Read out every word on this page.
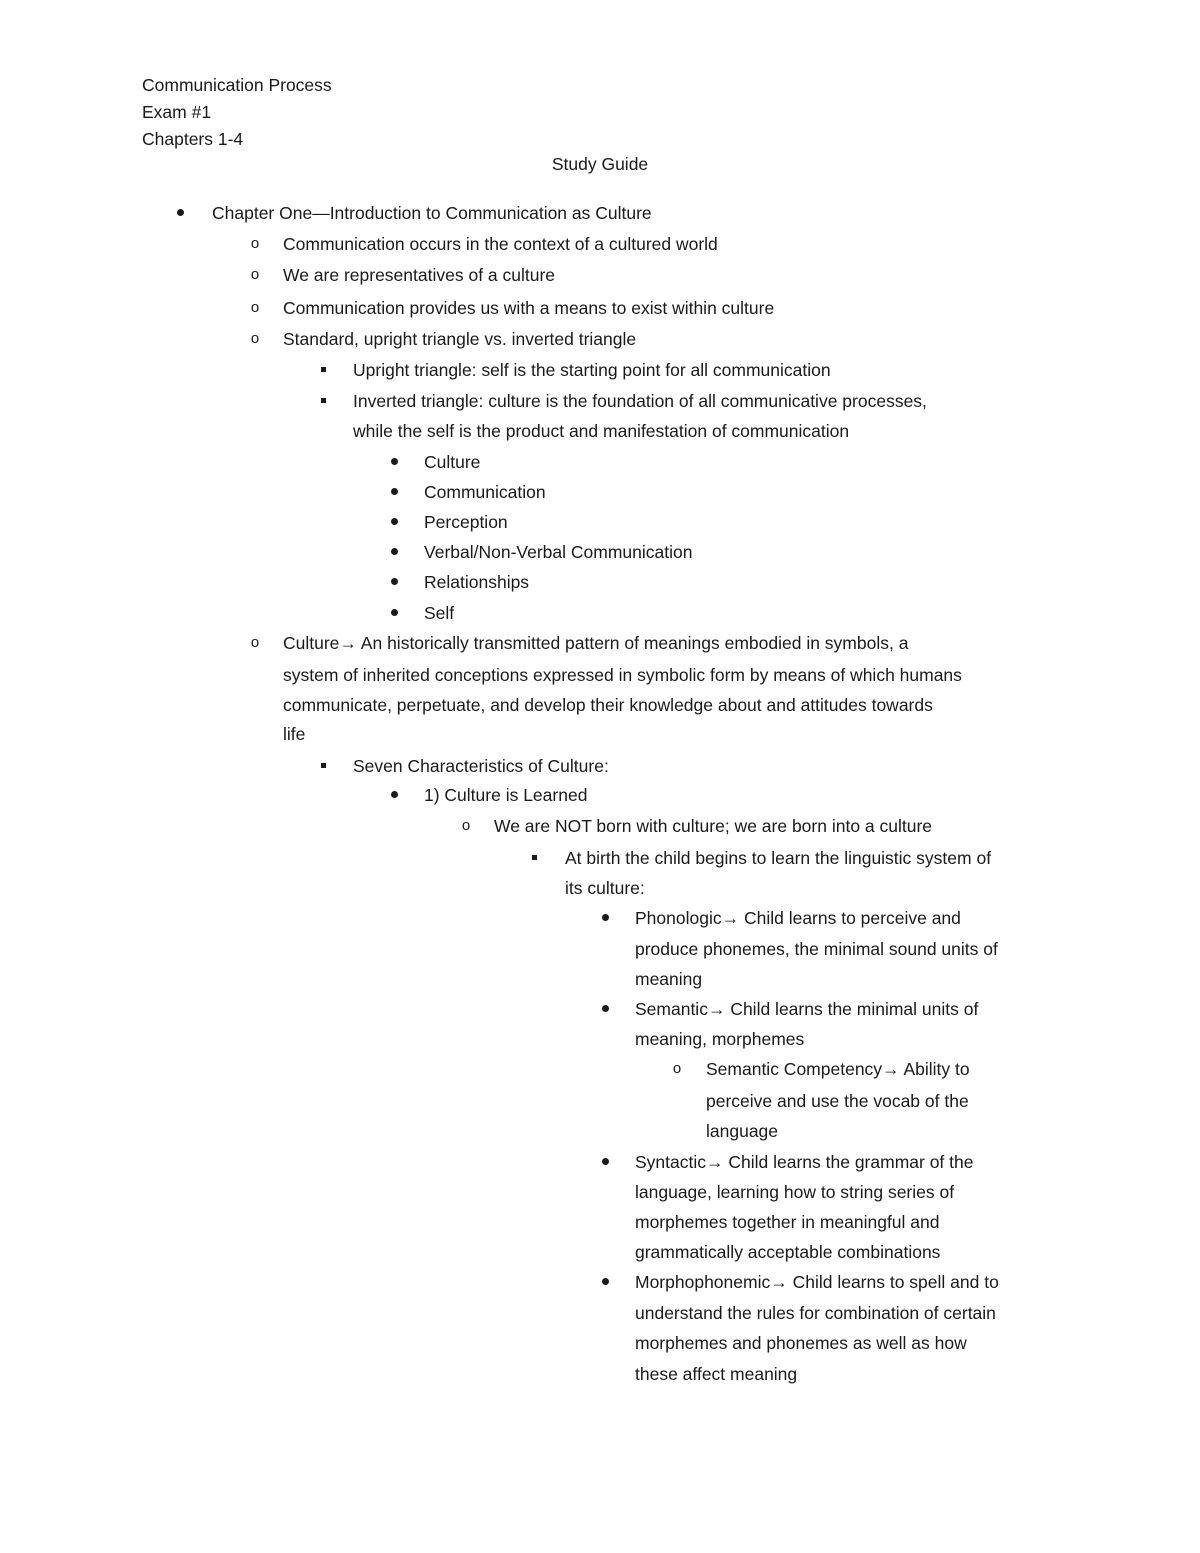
Communication Process
Exam #1
Chapters 1-4
Study Guide
Chapter One—Introduction to Communication as Culture
o	Communication occurs in the context of a cultured world
o	We are representatives of a culture
o	Communication provides us with a means to exist within culture
o	Standard, upright triangle vs. inverted triangle
Upright triangle: self is the starting point for all communication
Inverted triangle: culture is the foundation of all communicative processes,
while the self is the product and manifestation of communication
Culture
Communication
Perception
Verbal/Non-Verbal Communication
Relationships
Self
o	Culture→ An historically transmitted pattern of meanings embodied in symbols, a
system of inherited conceptions expressed in symbolic form by means of which humans
communicate, perpetuate, and develop their knowledge about and attitudes towards
life
Seven Characteristics of Culture:
1) Culture is Learned
o	We are NOT born with culture; we are born into a culture
At birth the child begins to learn the linguistic system of
its culture:
Phonologic→ Child learns to perceive and
produce phonemes, the minimal sound units of
meaning
Semantic→ Child learns the minimal units of
meaning, morphemes
o	Semantic Competency→ Ability to
perceive and use the vocab of the
language
Syntactic→ Child learns the grammar of the
language, learning how to string series of
morphemes together in meaningful and
grammatically acceptable combinations
Morphophonemic→ Child learns to spell and to
understand the rules for combination of certain
morphemes and phonemes as well as how
these affect meaning
